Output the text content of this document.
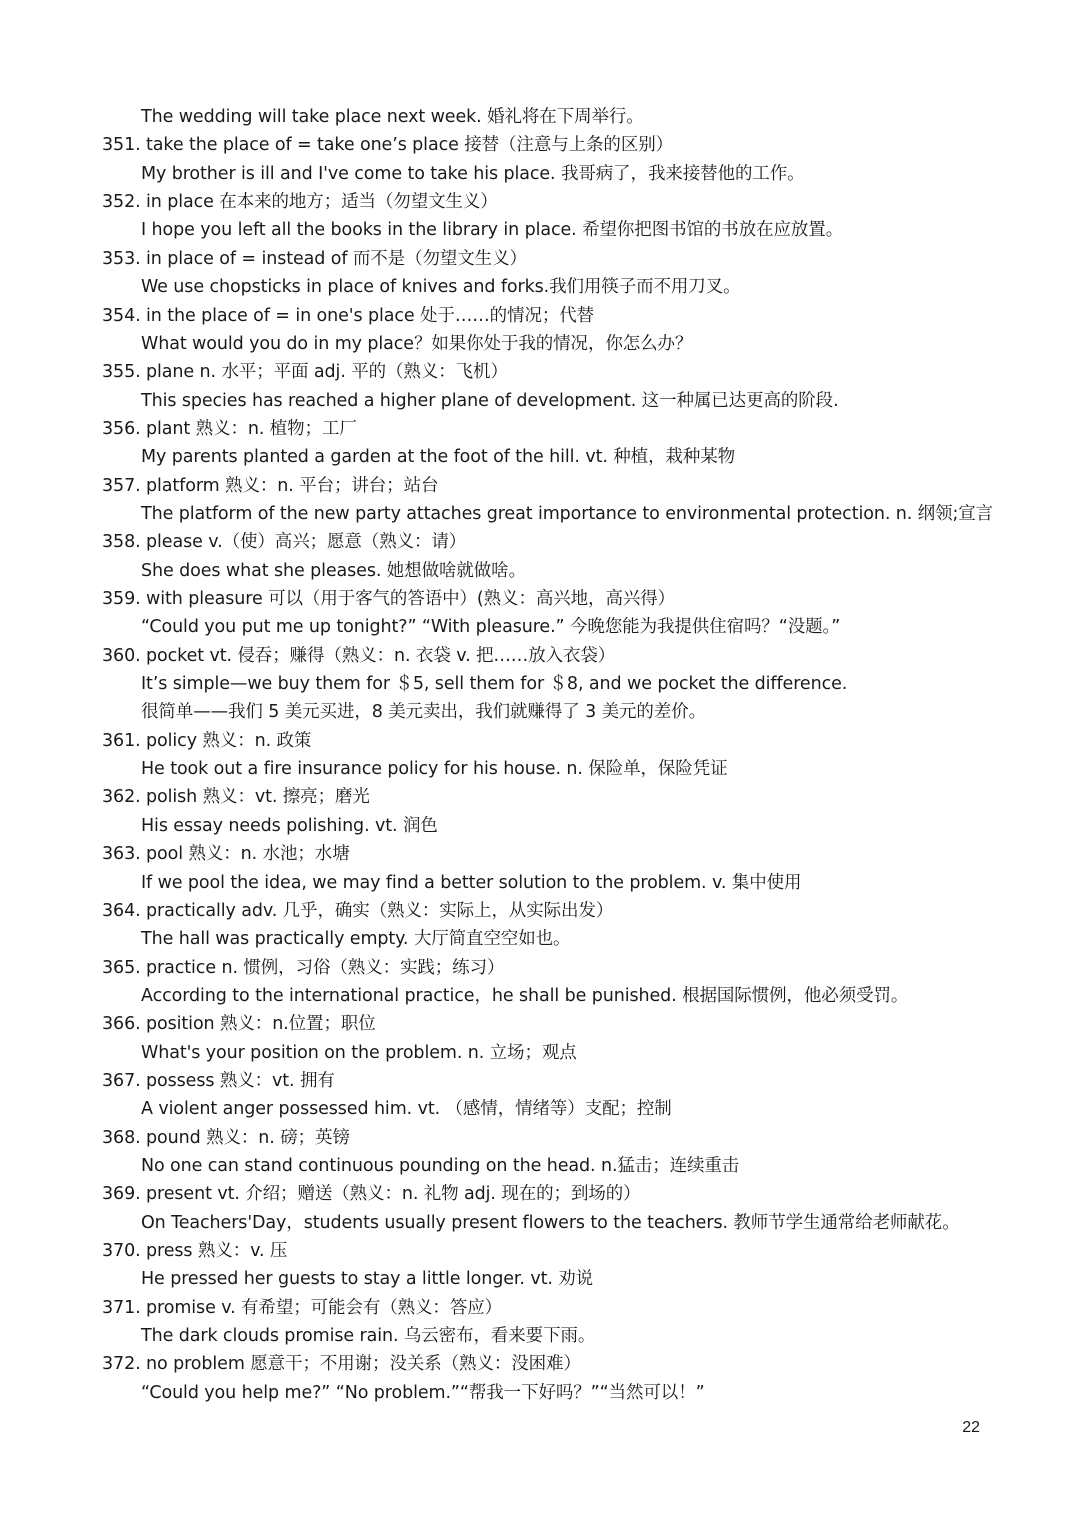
The wedding will take place next week. 婚礼将在下周举行。
351. take the place of = take one’s place 接替（注意与上条的区别）
My brother is ill and I've come to take his place. 我哥病了，我来接替他的工作。
352. in place 在本来的地方；适当（勿望文生义）
I hope you left all the books in the library in place. 希望你把图书馆的书放在应放置。
353. in place of = instead of 而不是（勿望文生义）
We use chopsticks in place of knives and forks.我们用筷子而不用刀叉。
354. in the place of = in one's place 处于……的情况；代替
What would you do in my place？如果你处于我的情况，你怎么办？
355. plane n. 水平；平面 adj. 平的（熟义：飞机）
This species has reached a higher plane of development. 这一种属已达更高的阶段.
356. plant 熟义：n. 植物；工厂
My parents planted a garden at the foot of the hill. vt. 种植，栽种某物
357. platform 熟义：n. 平台；讲台；站台
The platform of the new party attaches great importance to environmental protection. n. 纲领;宣言
358. please v.（使）高兴；愿意（熟义：请）
She does what she pleases. 她想做啥就做啥。
359. with pleasure 可以（用于客气的答语中）(熟义：高兴地，高兴得）
“Could you put me up tonight?” “With pleasure.” 今晚您能为我提供住宿吗？“没题。”
360. pocket vt. 侵吞；赚得（熟义：n. 衣袋 v. 把……放入衣袋）
It’s simple—we buy them for ＄5, sell them for ＄8, and we pocket the difference.
很简单——我们 5 美元买进，8 美元卖出，我们就赚得了 3 美元的差价。
361. policy 熟义：n. 政策
He took out a fire insurance policy for his house. n. 保险单，保险凭证
362. polish 熟义：vt. 擦亮；磨光
His essay needs polishing. vt. 润色
363. pool 熟义：n. 水池；水塘
If we pool the idea, we may find a better solution to the problem. v. 集中使用
364. practically adv. 几乎，确实（熟义：实际上，从实际出发）
The hall was practically empty. 大厅简直空空如也。
365. practice n. 惯例，习俗（熟义：实践；练习）
According to the international practice，he shall be punished. 根据国际惯例，他必须受罚。
366. position 熟义：n.位置；职位
What's your position on the problem. n. 立场；观点
367. possess 熟义：vt. 拥有
A violent anger possessed him. vt. （感情，情绪等）支配；控制
368. pound 熟义：n. 磅；英镑
No one can stand continuous pounding on the head. n.猛击；连续重击
369. present vt. 介绍；赠送（熟义：n. 礼物 adj. 现在的；到场的）
On Teachers'Day，students usually present flowers to the teachers. 教师节学生通常给老师献花。
370. press 熟义：v. 压
He pressed her guests to stay a little longer. vt. 劝说
371. promise v. 有希望；可能会有（熟义：答应）
The dark clouds promise rain. 乌云密布，看来要下雨。
372. no problem 愿意干；不用谢；没关系（熟义：没困难）
“Could you help me?” “No problem.”“帮我一下好吗？”“当然可以！”
22
